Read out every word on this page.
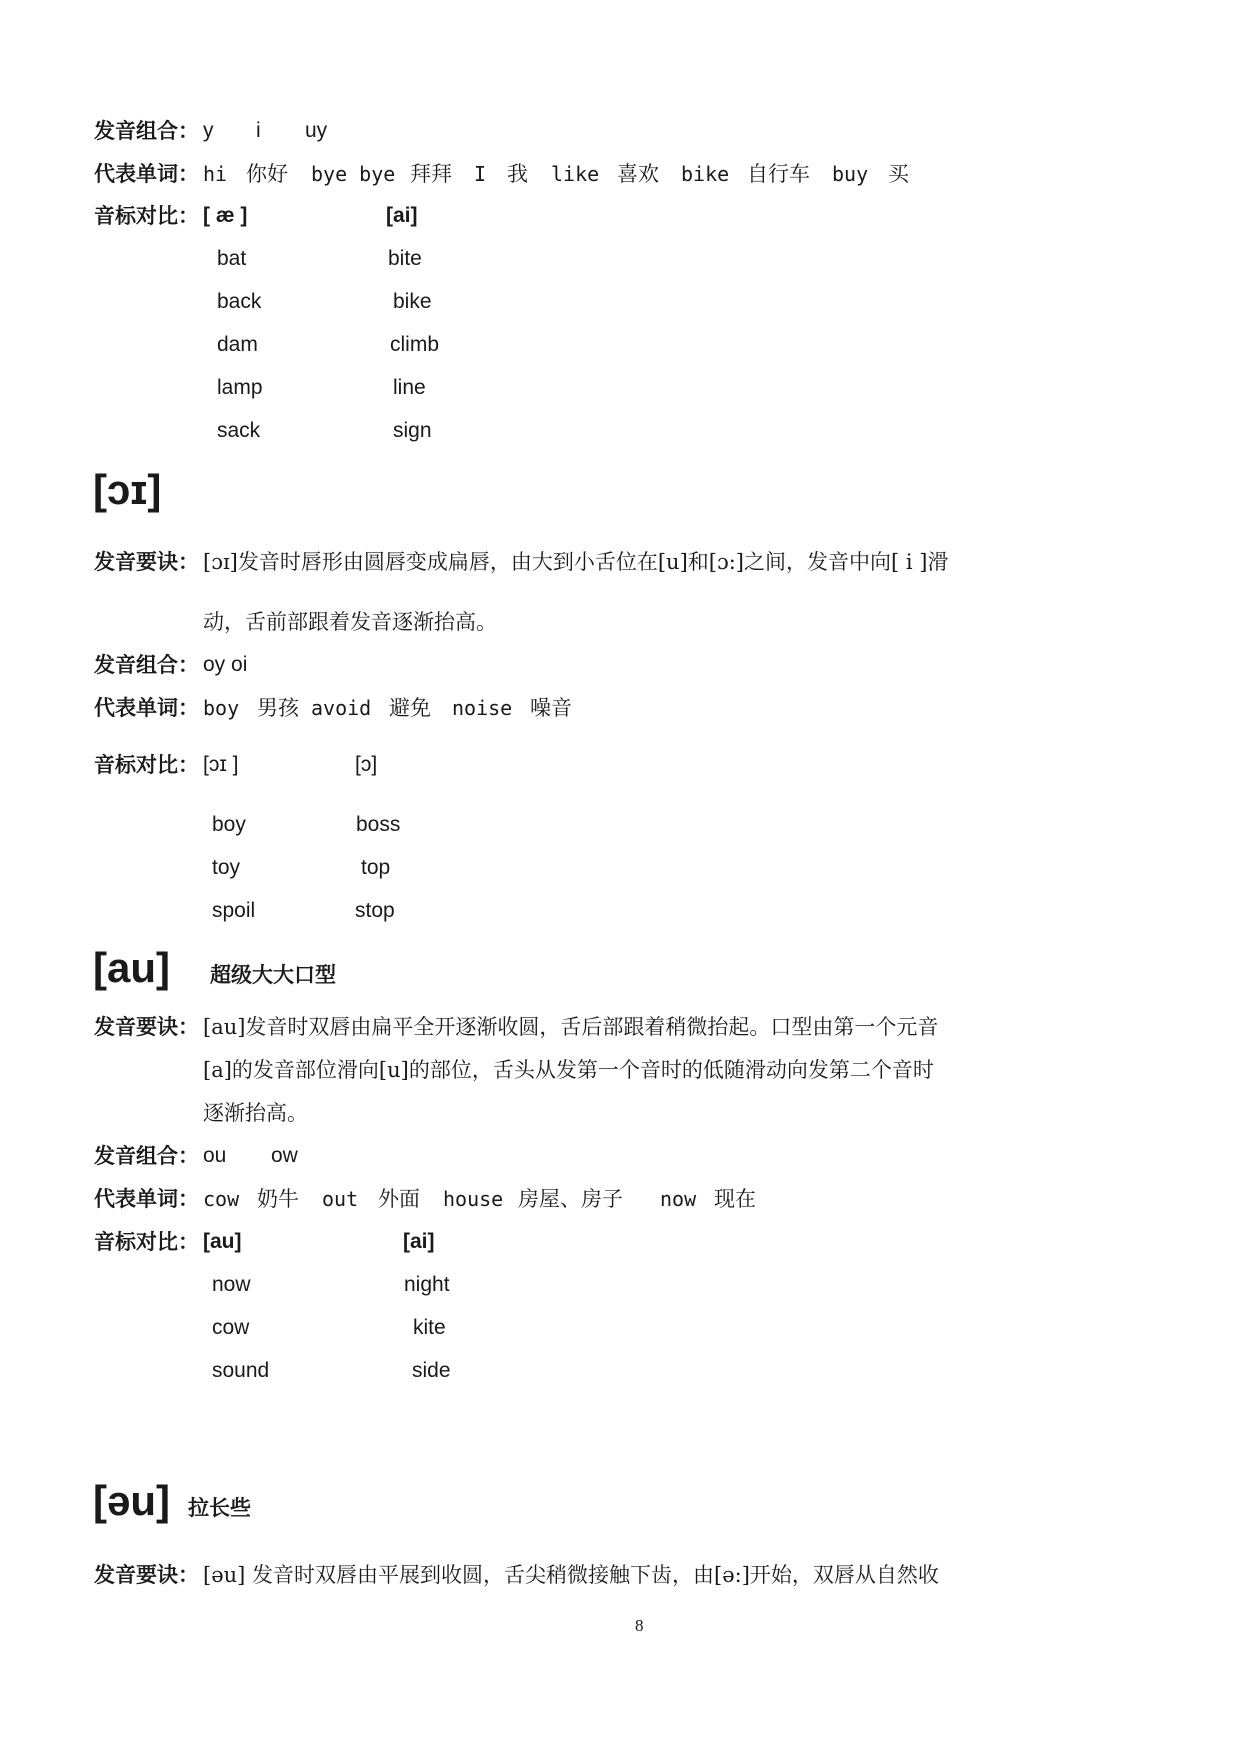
发音组合： y i uy
代表单词： hi 你好 bye bye 拜拜 I 我 like 喜欢 bike 自行车 buy 买
音标对比： [ æ ]	[ai]
bat	bite
back	bike
dam	climb
lamp	line
sack	sign
[ɔɪ]
发音要诀： [ɔɪ]发音时唇形由圆唇变成扁唇，由大到小舌位在[u]和[ɔ:]之间，发音中向[ i ]滑
动，舌前部跟着发音逐渐抬高。
发音组合： oy oi
代表单词： boy 男孩 avoid 避免 noise 噪音
音标对比： [ɔɪ ]	[ɔ]
boy	boss
toy	top
spoil	stop
[au] 超级大大口型
发音要诀： [au]发音时双唇由扁平全开逐渐收圆，舌后部跟着稍微抬起。口型由第一个元音
[a]的发音部位滑向[u]的部位，舌头从发第一个音时的低随滑动向发第二个音时
逐渐抬高。
发音组合： ou ow
代表单词： cow 奶牛 out 外面 house 房屋、房子 now 现在
音标对比： [au]	[ai]
now	night
cow	kite
sound	side
[əu] 拉长些
发音要诀： [əu] 发音时双唇由平展到收圆，舌尖稍微接触下齿，由[ə:]开始，双唇从自然收
8
